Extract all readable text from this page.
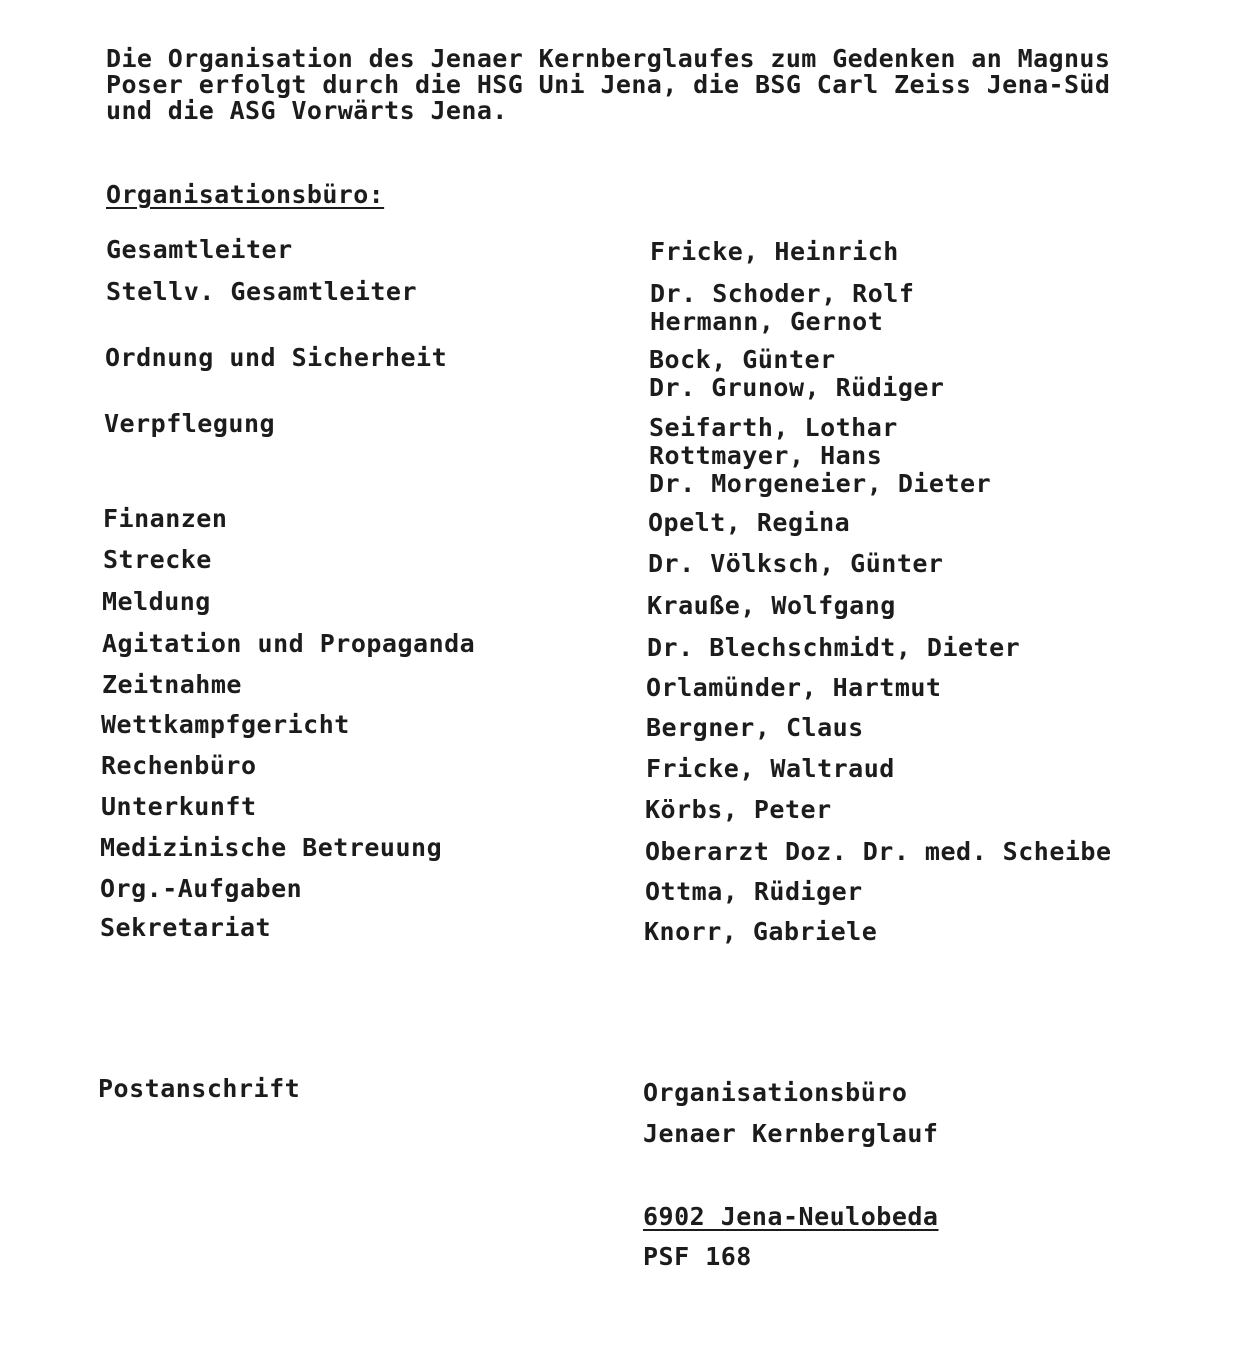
Die Organisation des Jenaer Kernberglaufes zum Gedenken an Magnus
Poser erfolgt durch die HSG Uni Jena, die BSG Carl Zeiss Jena-Süd
und die ASG Vorwärts Jena.
Organisationsbüro:
Gesamtleiter	Fricke, Heinrich
Stellv. Gesamtleiter	Dr. Schoder, Rolf
Hermann, Gernot
Ordnung und Sicherheit	Bock, Günter
Dr. Grunow, Rüdiger
Verpflegung	Seifarth, Lothar
Rottmayer, Hans
Dr. Morgeneier, Dieter
Finanzen	Opelt, Regina
Strecke	Dr. Völksch, Günter
Meldung	Krauße, Wolfgang
Agitation und Propaganda	Dr. Blechschmidt, Dieter
Zeitnahme	Orlamünder, Hartmut
Wettkampfgericht	Bergner, Claus
Rechenbüro	Fricke, Waltraud
Unterkunft	Körbs, Peter
Medizinische Betreuung	Oberarzt Doz. Dr. med. Scheibe
Org.-Aufgaben	Ottma, Rüdiger
Sekretariat	Knorr, Gabriele
Postanschrift	Organisationsbüro
Jenaer Kernberglauf
6902 Jena-Neulobeda
PSF 168
